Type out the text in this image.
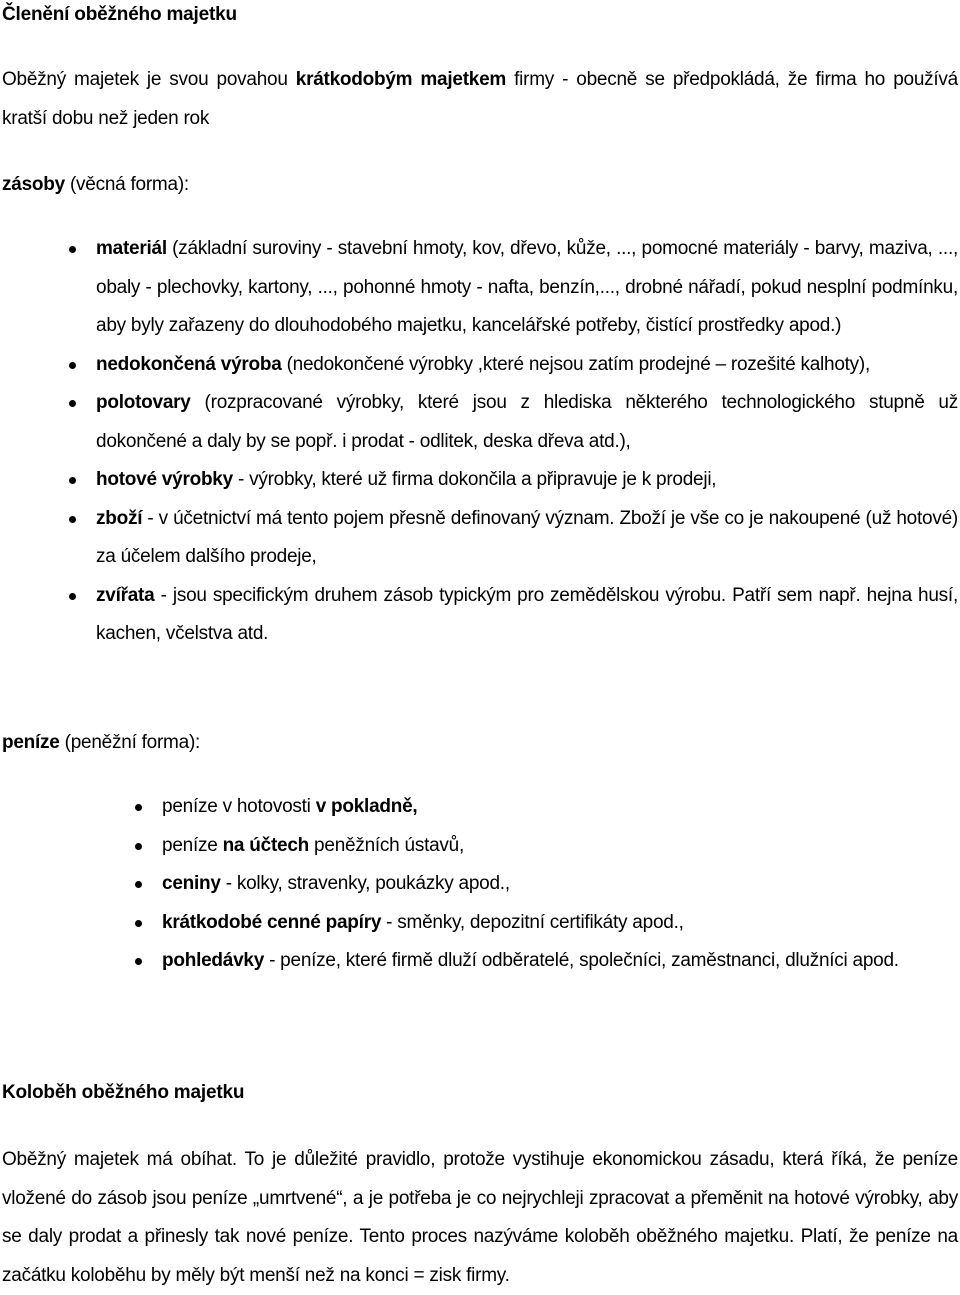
Členění oběžného majetku

Oběžný majetek je svou povahou krátkodobým majetkem firmy - obecně se předpokládá, že firma ho používá kratší dobu než jeden rok

zásoby (věcná forma):

materiál (základní suroviny - stavební hmoty, kov, dřevo, kůže, ..., pomocné materiály - barvy, maziva, ..., obaly - plechovky, kartony, ..., pohonné hmoty - nafta, benzín,..., drobné nářadí, pokud nesplní podmínku, aby byly zařazeny do dlouhodobého majetku, kancelářské potřeby, čistící prostředky apod.)
nedokončená výroba (nedokončené výrobky ,které nejsou zatím prodejné – rozešité kalhoty),
polotovary (rozpracované výrobky, které jsou z hlediska některého technologického stupně už dokončené a daly by se popř. i prodat - odlitek, deska dřeva atd.),
hotové výrobky - výrobky, které už firma dokončila a připravuje je k prodeji,
zboží - v účetnictví má tento pojem přesně definovaný význam. Zboží je vše co je nakoupené (už hotové) za účelem dalšího prodeje,
zvířata - jsou specifickým druhem zásob typickým pro zemědělskou výrobu. Patří sem např. hejna husí, kachen, včelstva atd.

peníze (peněžní forma):

peníze v hotovosti v pokladně,
peníze na účtech peněžních ústavů,
ceniny - kolky, stravenky, poukázky apod.,
krátkodobé cenné papíry - směnky, depozitní certifikáty apod.,
pohledávky - peníze, které firmě dluží odběratelé, společníci, zaměstnanci, dlužníci apod.
Koloběh oběžného majetku

Oběžný majetek má obíhat. To je důležité pravidlo, protože vystihuje ekonomickou zásadu, která říká, že peníze vložené do zásob jsou peníze „umrtvené“, a je potřeba je co nejrychleji zpracovat a přeměnit na hotové výrobky, aby se daly prodat a přinesly tak nové peníze. Tento proces nazýváme koloběh oběžného majetku. Platí, že peníze na začátku koloběhu by měly být menší než na konci = zisk firmy.
